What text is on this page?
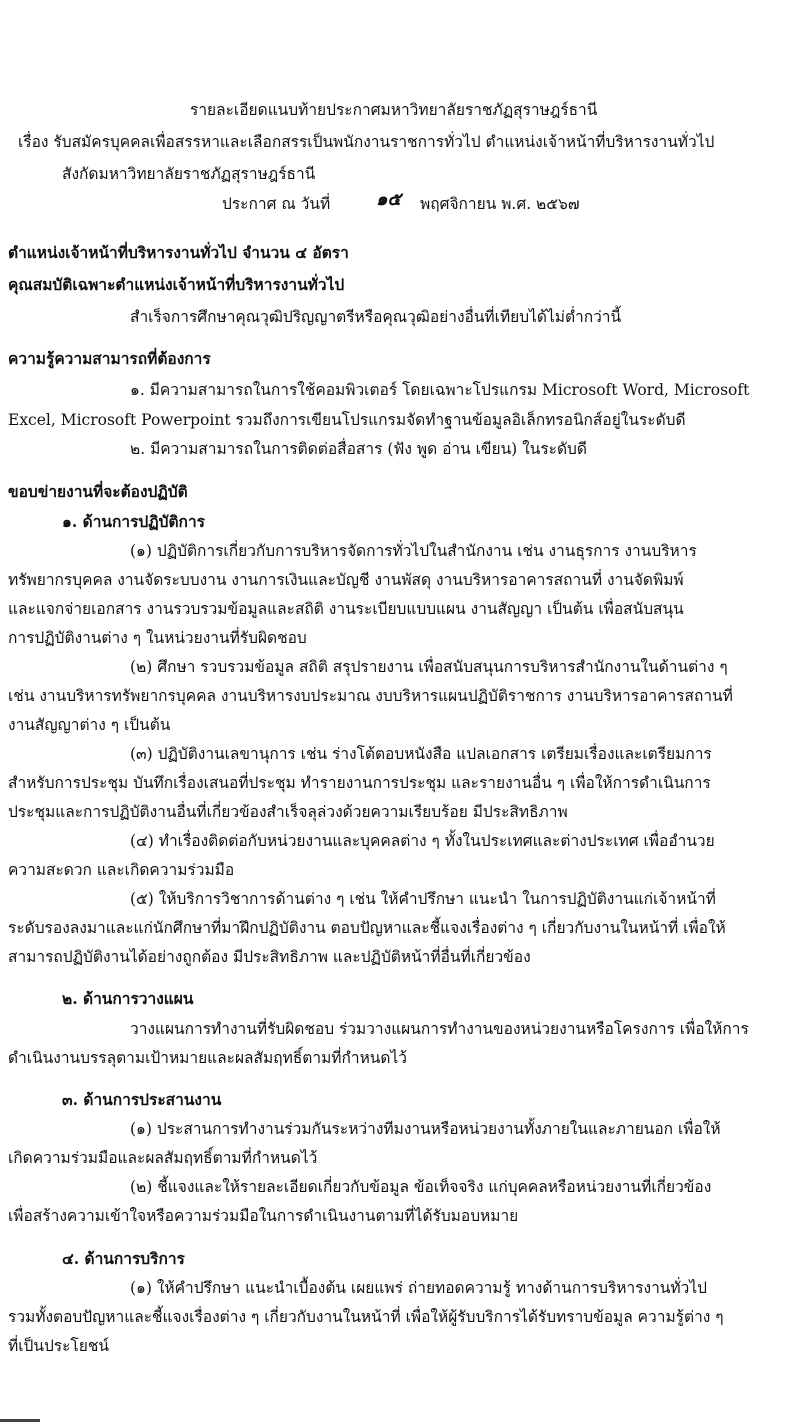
รายละเอียดแนบท้ายประกาศมหาวิทยาลัยราชภัฏสุราษฎร์ธานี
เรื่อง รับสมัครบุคคลเพื่อสรรหาและเลือกสรรเป็นพนักงานราชการทั่วไป ตำแหน่งเจ้าหน้าที่บริหารงานทั่วไป
สังกัดมหาวิทยาลัยราชภัฏสุราษฎร์ธานี
ประกาศ ณ วันที่	๑๕ พฤศจิกายน พ.ศ. ๒๕๖๗
ตำแหน่งเจ้าหน้าที่บริหารงานทั่วไป จำนวน ๔ อัตรา
คุณสมบัติเฉพาะตำแหน่งเจ้าหน้าที่บริหารงานทั่วไป
สำเร็จการศึกษาคุณวุฒิปริญญาตรีหรือคุณวุฒิอย่างอื่นที่เทียบได้ไม่ต่ำกว่านี้
ความรู้ความสามารถที่ต้องการ
๑. มีความสามารถในการใช้คอมพิวเตอร์ โดยเฉพาะโปรแกรม Microsoft Word, Microsoft
Excel, Microsoft Powerpoint รวมถึงการเขียนโปรแกรมจัดทำฐานข้อมูลอิเล็กทรอนิกส์อยู่ในระดับดี
๒. มีความสามารถในการติดต่อสื่อสาร (ฟัง พูด อ่าน เขียน) ในระดับดี
ขอบข่ายงานที่จะต้องปฏิบัติ
๑. ด้านการปฏิบัติการ
(๑) ปฏิบัติการเกี่ยวกับการบริหารจัดการทั่วไปในสำนักงาน เช่น งานธุรการ งานบริหาร
ทรัพยากรบุคคล งานจัดระบบงาน งานการเงินและบัญชี งานพัสดุ งานบริหารอาคารสถานที่ งานจัดพิมพ์
และแจกจ่ายเอกสาร งานรวบรวมข้อมูลและสถิติ งานระเบียบแบบแผน งานสัญญา เป็นต้น เพื่อสนับสนุน
การปฏิบัติงานต่าง ๆ ในหน่วยงานที่รับผิดชอบ
(๒) ศึกษา รวบรวมข้อมูล สถิติ สรุปรายงาน เพื่อสนับสนุนการบริหารสำนักงานในด้านต่าง ๆ
เช่น งานบริหารทรัพยากรบุคคล งานบริหารงบประมาณ งบบริหารแผนปฏิบัติราชการ งานบริหารอาคารสถานที่
งานสัญญาต่าง ๆ เป็นต้น
(๓) ปฏิบัติงานเลขานุการ เช่น ร่างโต้ตอบหนังสือ แปลเอกสาร เตรียมเรื่องและเตรียมการ
สำหรับการประชุม บันทึกเรื่องเสนอที่ประชุม ทำรายงานการประชุม และรายงานอื่น ๆ เพื่อให้การดำเนินการ
ประชุมและการปฏิบัติงานอื่นที่เกี่ยวข้องสำเร็จลุล่วงด้วยความเรียบร้อย มีประสิทธิภาพ
(๔) ทำเรื่องติดต่อกับหน่วยงานและบุคคลต่าง ๆ ทั้งในประเทศและต่างประเทศ เพื่ออำนวย
ความสะดวก และเกิดความร่วมมือ
(๕) ให้บริการวิชาการด้านต่าง ๆ เช่น ให้คำปรึกษา แนะนำ ในการปฏิบัติงานแก่เจ้าหน้าที่
ระดับรองลงมาและแก่นักศึกษาที่มาฝึกปฏิบัติงาน ตอบปัญหาและชี้แจงเรื่องต่าง ๆ เกี่ยวกับงานในหน้าที่ เพื่อให้
สามารถปฏิบัติงานได้อย่างถูกต้อง มีประสิทธิภาพ และปฏิบัติหน้าที่อื่นที่เกี่ยวข้อง
๒. ด้านการวางแผน
วางแผนการทำงานที่รับผิดชอบ ร่วมวางแผนการทำงานของหน่วยงานหรือโครงการ เพื่อให้การ
ดำเนินงานบรรลุตามเป้าหมายและผลสัมฤทธิ์ตามที่กำหนดไว้
๓. ด้านการประสานงาน
(๑) ประสานการทำงานร่วมกันระหว่างทีมงานหรือหน่วยงานทั้งภายในและภายนอก เพื่อให้
เกิดความร่วมมือและผลสัมฤทธิ์ตามที่กำหนดไว้
(๒) ชี้แจงและให้รายละเอียดเกี่ยวกับข้อมูล ข้อเท็จจริง แก่บุคคลหรือหน่วยงานที่เกี่ยวข้อง
เพื่อสร้างความเข้าใจหรือความร่วมมือในการดำเนินงานตามที่ได้รับมอบหมาย
๔. ด้านการบริการ
(๑) ให้คำปรึกษา แนะนำเบื้องต้น เผยแพร่ ถ่ายทอดความรู้ ทางด้านการบริหารงานทั่วไป
รวมทั้งตอบปัญหาและชี้แจงเรื่องต่าง ๆ เกี่ยวกับงานในหน้าที่ เพื่อให้ผู้รับบริการได้รับทราบข้อมูล ความรู้ต่าง ๆ
ที่เป็นประโยชน์
